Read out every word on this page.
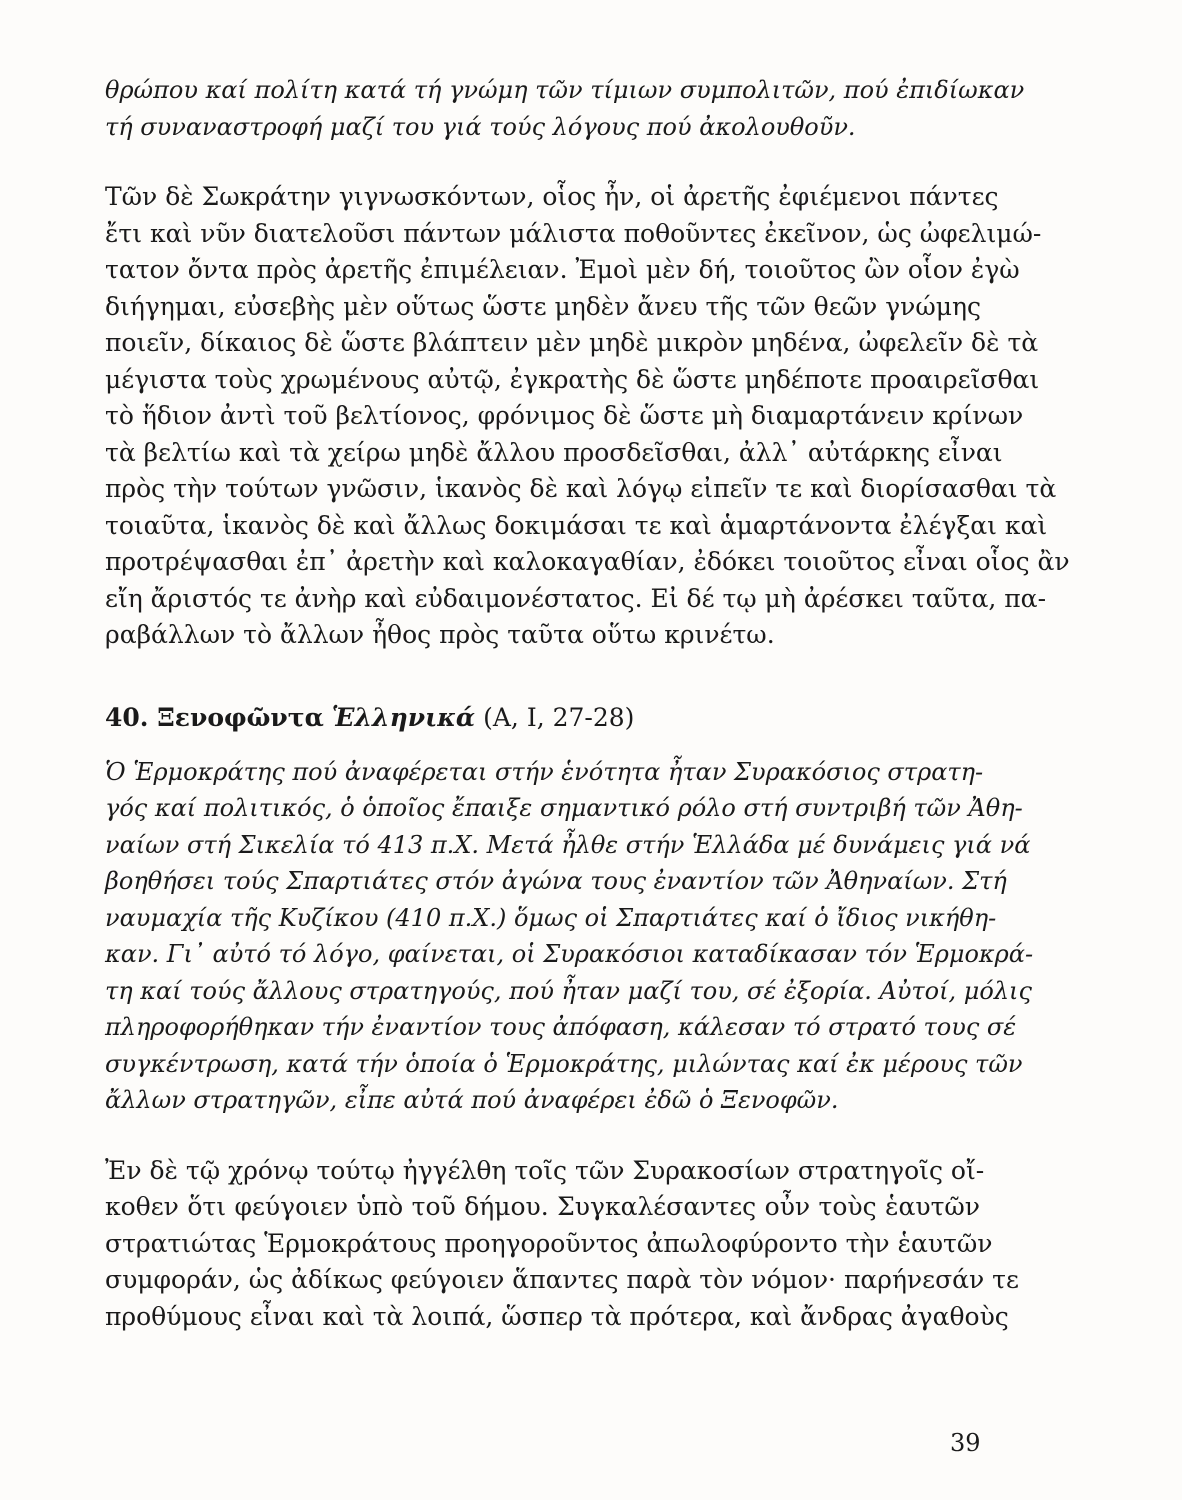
θρώπου καί πολίτη κατά τή γνώμη τῶν τίμιων συμπολιτῶν, πού ἐπιδίωκαν
τή συναναστροφή μαζί του γιά τούς λόγους πού ἀκολουθοῦν.
Τῶν δὲ Σωκράτην γιγνωσκόντων, οἷος ἦν, οἱ ἀρετῆς ἐφιέμενοι πάντες
ἔτι καὶ νῦν διατελοῦσι πάντων μάλιστα ποθοῦντες ἐκεῖνον, ὡς ὠφελιμώ-
τατον ὄντα πρὸς ἀρετῆς ἐπιμέλειαν. Ἐμοὶ μὲν δή, τοιοῦτος ὢν οἷον ἐγὼ
διήγημαι, εὐσεβὴς μὲν οὕτως ὥστε μηδὲν ἄνευ τῆς τῶν θεῶν γνώμης
ποιεῖν, δίκαιος δὲ ὥστε βλάπτειν μὲν μηδὲ μικρὸν μηδένα, ὠφελεῖν δὲ τὰ
μέγιστα τοὺς χρωμένους αὐτῷ, ἐγκρατὴς δὲ ὥστε μηδέποτε προαιρεῖσθαι
τὸ ἥδιον ἀντὶ τοῦ βελτίονος, φρόνιμος δὲ ὥστε μὴ διαμαρτάνειν κρίνων
τὰ βελτίω καὶ τὰ χείρω μηδὲ ἄλλου προσδεῖσθαι, ἀλλ᾽ αὐτάρκης εἶναι
πρὸς τὴν τούτων γνῶσιν, ἱκανὸς δὲ καὶ λόγῳ εἰπεῖν τε καὶ διορίσασθαι τὰ
τοιαῦτα, ἱκανὸς δὲ καὶ ἄλλως δοκιμάσαι τε καὶ ἁμαρτάνοντα ἐλέγξαι καὶ
προτρέψασθαι ἐπ᾽ ἀρετὴν καὶ καλοκαγαθίαν, ἐδόκει τοιοῦτος εἶναι οἷος ἂν
εἴη ἄριστός τε ἀνὴρ καὶ εὐδαιμονέστατος. Εἰ δέ τῳ μὴ ἀρέσκει ταῦτα, πα-
ραβάλλων τὸ ἄλλων ἦθος πρὸς ταῦτα οὕτω κρινέτω.
40. Ξενοφῶντα Ἑλληνικά (Α, I, 27-28)
Ὁ Ἑρμοκράτης πού ἀναφέρεται στήν ἑνότητα ἦταν Συρακόσιος στρατη-
γός καί πολιτικός, ὁ ὁποῖος ἔπαιξε σημαντικό ρόλο στή συντριβή τῶν Ἀθη-
ναίων στή Σικελία τό 413 π.Χ. Μετά ἦλθε στήν Ἑλλάδα μέ δυνάμεις γιά νά
βοηθήσει τούς Σπαρτιάτες στόν ἀγώνα τους ἐναντίον τῶν Ἀθηναίων. Στή
ναυμαχία τῆς Κυζίκου (410 π.Χ.) ὅμως οἱ Σπαρτιάτες καί ὁ ἴδιος νικήθη-
καν. Γι᾽ αὐτό τό λόγο, φαίνεται, οἱ Συρακόσιοι καταδίκασαν τόν Ἑρμοκρά-
τη καί τούς ἄλλους στρατηγούς, πού ἦταν μαζί του, σέ ἐξορία. Αὐτοί, μόλις
πληροφορήθηκαν τήν ἐναντίον τους ἀπόφαση, κάλεσαν τό στρατό τους σέ
συγκέντρωση, κατά τήν ὁποία ὁ Ἑρμοκράτης, μιλώντας καί ἐκ μέρους τῶν
ἄλλων στρατηγῶν, εἶπε αὐτά πού ἀναφέρει ἐδῶ ὁ Ξενοφῶν.
Ἐν δὲ τῷ χρόνῳ τούτῳ ἠγγέλθη τοῖς τῶν Συρακοσίων στρατηγοῖς οἴ-
κοθεν ὅτι φεύγοιεν ὑπὸ τοῦ δήμου. Συγκαλέσαντες οὖν τοὺς ἑαυτῶν
στρατιώτας Ἑρμοκράτους προηγοροῦντος ἀπωλοφύροντο τὴν ἑαυτῶν
συμφοράν, ὡς ἀδίκως φεύγοιεν ἅπαντες παρὰ τὸν νόμον· παρήνεσάν τε
προθύμους εἶναι καὶ τὰ λοιπά, ὥσπερ τὰ πρότερα, καὶ ἄνδρας ἀγαθοὺς
39
